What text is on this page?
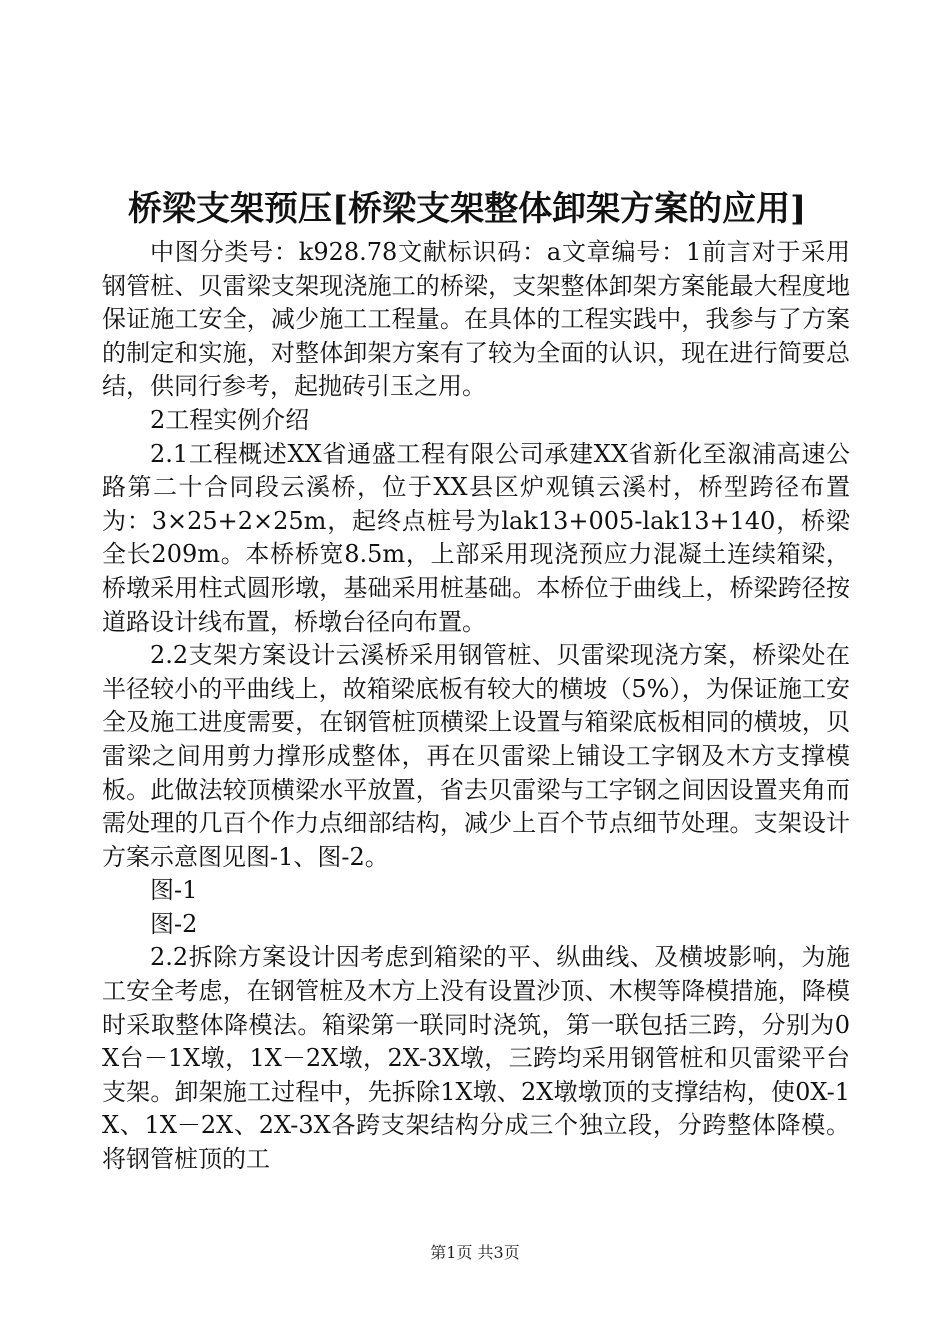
桥梁支架预压[桥梁支架整体卸架方案的应用]

中图分类号：k928.78文献标识码：a文章编号：1前言对于采用钢管桩、贝雷梁支架现浇施工的桥梁，支架整体卸架方案能最大程度地保证施工安全，减少施工工程量。在具体的工程实践中，我参与了方案的制定和实施，对整体卸架方案有了较为全面的认识，现在进行简要总结，供同行参考，起抛砖引玉之用。

2工程实例介绍

2.1工程概述XX省通盛工程有限公司承建XX省新化至溆浦高速公路第二十合同段云溪桥，位于XX县区炉观镇云溪村，桥型跨径布置为：3×25+2×25m，起终点桩号为lak13+005-lak13+140，桥梁全长209m。本桥桥宽8.5m，上部采用现浇预应力混凝土连续箱梁，桥墩采用柱式圆形墩，基础采用桩基础。本桥位于曲线上，桥梁跨径按道路设计线布置，桥墩台径向布置。

2.2支架方案设计云溪桥采用钢管桩、贝雷梁现浇方案，桥梁处在半径较小的平曲线上，故箱梁底板有较大的横坡（5%），为保证施工安全及施工进度需要，在钢管桩顶横梁上设置与箱梁底板相同的横坡，贝雷梁之间用剪力撑形成整体，再在贝雷梁上铺设工字钢及木方支撑模板。此做法较顶横梁水平放置，省去贝雷梁与工字钢之间因设置夹角而需处理的几百个作力点细部结构，减少上百个节点细节处理。支架设计方案示意图见图-1、图-2。

图-1

图-2

2.2拆除方案设计因考虑到箱梁的平、纵曲线、及横坡影响，为施工安全考虑，在钢管桩及木方上没有设置沙顶、木楔等降模措施，降模时采取整体降模法。箱梁第一联同时浇筑，第一联包括三跨，分别为0X台－1X墩，1X－2X墩，2X-3X墩，三跨均采用钢管桩和贝雷梁平台支架。卸架施工过程中，先拆除1X墩、2X墩墩顶的支撑结构，使0X-1X、1X－2X、2X-3X各跨支架结构分成三个独立段，分跨整体降模。将钢管桩顶的工

第1页 共3页
